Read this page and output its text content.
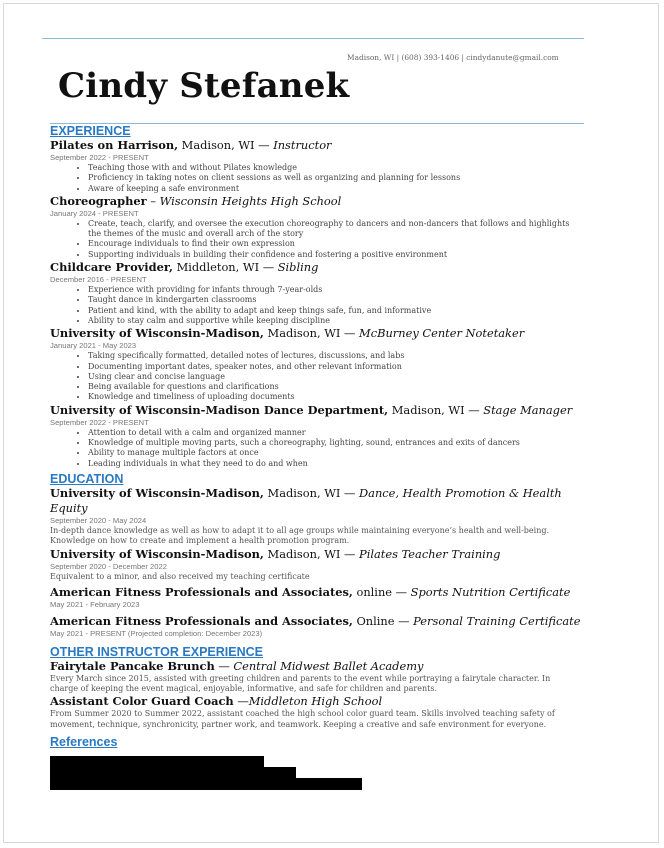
Madison, WI | (608) 393-1406 | cindydanute@gmail.com
Cindy Stefanek
EXPERIENCE
Pilates on Harrison, Madison, WI — Instructor
September 2022 - PRESENT
• Teaching those with and without Pilates knowledge
• Proficiency in taking notes on client sessions as well as organizing and planning for lessons
• Aware of keeping a safe environment
Choreographer – Wisconsin Heights High School
January 2024 - PRESENT
• Create, teach, clarify, and oversee the execution choreography to dancers and non-dancers that follows and highlights the themes of the music and overall arch of the story
• Encourage individuals to find their own expression
• Supporting individuals in building their confidence and fostering a positive environment
Childcare Provider, Middleton, WI — Sibling
December 2016 - PRESENT
• Experience with providing for infants through 7-year-olds
• Taught dance in kindergarten classrooms
• Patient and kind, with the ability to adapt and keep things safe, fun, and informative
• Ability to stay calm and supportive while keeping discipline
University of Wisconsin-Madison, Madison, WI — McBurney Center Notetaker
January 2021 - May 2023
• Taking specifically formatted, detailed notes of lectures, discussions, and labs
• Documenting important dates, speaker notes, and other relevant information
• Using clear and concise language
• Being available for questions and clarifications
• Knowledge and timeliness of uploading documents
University of Wisconsin-Madison Dance Department, Madison, WI — Stage Manager
September 2022 - PRESENT
• Attention to detail with a calm and organized manner
• Knowledge of multiple moving parts, such a choreography, lighting, sound, entrances and exits of dancers
• Ability to manage multiple factors at once
• Leading individuals in what they need to do and when
EDUCATION
University of Wisconsin-Madison, Madison, WI — Dance, Health Promotion & Health Equity
September 2020 - May 2024
In-depth dance knowledge as well as how to adapt it to all age groups while maintaining everyone’s health and well-being. Knowledge on how to create and implement a health promotion program.
University of Wisconsin-Madison, Madison, WI — Pilates Teacher Training
September 2020 - December 2022
Equivalent to a minor, and also received my teaching certificate
American Fitness Professionals and Associates, online — Sports Nutrition Certificate
May 2021 - February 2023
American Fitness Professionals and Associates, Online — Personal Training Certificate
May 2021 - PRESENT (Projected completion: December 2023)
OTHER INSTRUCTOR EXPERIENCE
Fairytale Pancake Brunch — Central Midwest Ballet Academy
Every March since 2015, assisted with greeting children and parents to the event while portraying a fairytale character. In charge of keeping the event magical, enjoyable, informative, and safe for children and parents.
Assistant Color Guard Coach —Middleton High School
From Summer 2020 to Summer 2022, assistant coached the high school color guard team. Skills involved teaching safety of movement, technique, synchronicity, partner work, and teamwork. Keeping a creative and safe environment for everyone.
References
